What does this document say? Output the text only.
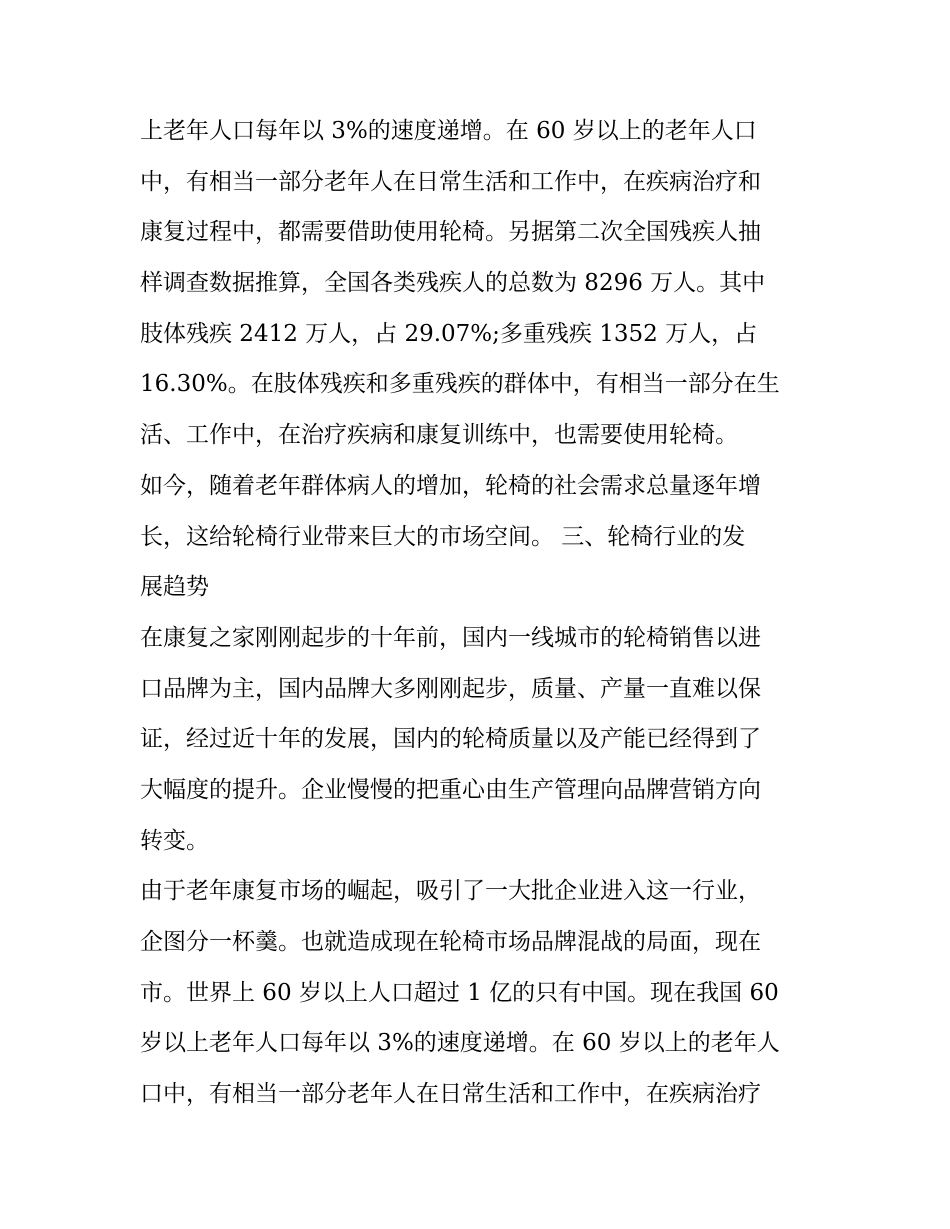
上老年人口每年以 3%的速度递增。在 60 岁以上的老年人口
中，有相当一部分老年人在日常生活和工作中，在疾病治疗和
康复过程中，都需要借助使用轮椅。另据第二次全国残疾人抽
样调查数据推算，全国各类残疾人的总数为 8296 万人。其中
肢体残疾 2412 万人，占 29.07%;多重残疾 1352 万人，占
16.30%。在肢体残疾和多重残疾的群体中，有相当一部分在生
活、工作中，在治疗疾病和康复训练中，也需要使用轮椅。
如今，随着老年群体病人的增加，轮椅的社会需求总量逐年增
长，这给轮椅行业带来巨大的市场空间。 三、轮椅行业的发
展趋势
在康复之家刚刚起步的十年前，国内一线城市的轮椅销售以进
口品牌为主，国内品牌大多刚刚起步，质量、产量一直难以保
证，经过近十年的发展，国内的轮椅质量以及产能已经得到了
大幅度的提升。企业慢慢的把重心由生产管理向品牌营销方向
转变。
由于老年康复市场的崛起，吸引了一大批企业进入这一行业，
企图分一杯羹。也就造成现在轮椅市场品牌混战的局面，现在
市。世界上 60 岁以上人口超过 1 亿的只有中国。现在我国 60
岁以上老年人口每年以 3%的速度递增。在 60 岁以上的老年人
口中，有相当一部分老年人在日常生活和工作中，在疾病治疗
